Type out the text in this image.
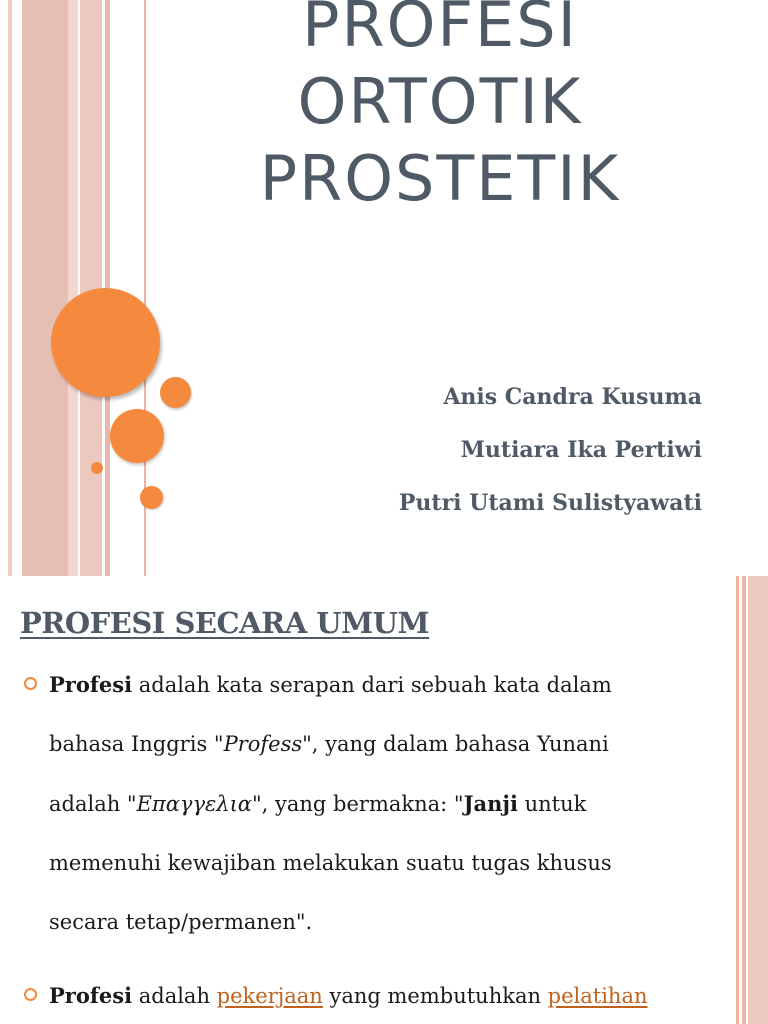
PROFESI
ORTOTIK
PROSTETIK
Anis Candra Kusuma
Mutiara Ika Pertiwi
Putri Utami Sulistyawati
PROFESI SECARA UMUM
Profesi adalah kata serapan dari sebuah kata dalam
bahasa Inggris "Profess", yang dalam bahasa Yunani
adalah "Επαγγελια", yang bermakna: "Janji untuk
memenuhi kewajiban melakukan suatu tugas khusus
secara tetap/permanen".
Profesi adalah pekerjaan yang membutuhkan pelatihan
